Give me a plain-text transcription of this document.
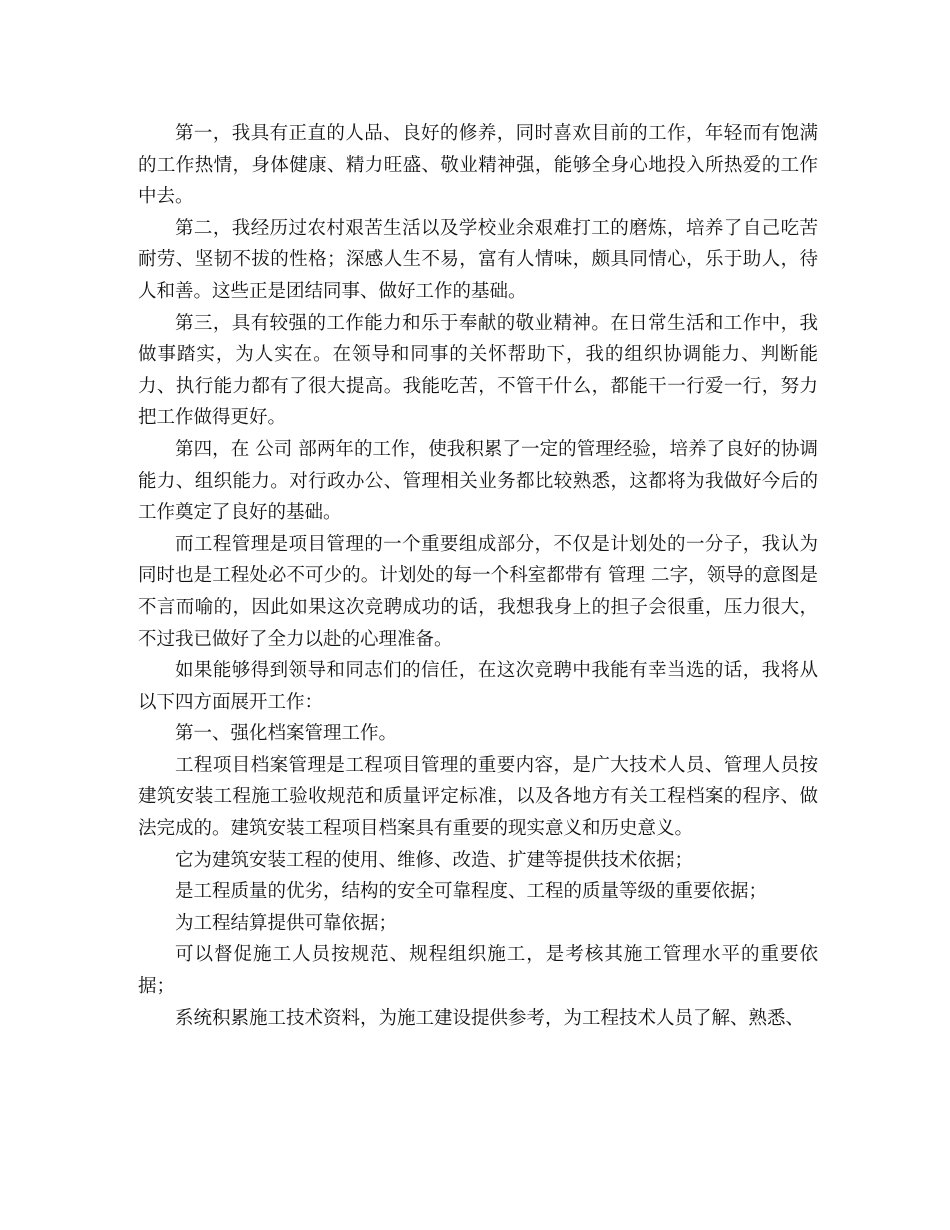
第一，我具有正直的人品、良好的修养，同时喜欢目前的工作，年轻而有饱满的工作热情，身体健康、精力旺盛、敬业精神强，能够全身心地投入所热爱的工作中去。

第二，我经历过农村艰苦生活以及学校业余艰难打工的磨炼，培养了自己吃苦耐劳、坚韧不拔的性格；深感人生不易，富有人情味，颇具同情心，乐于助人，待人和善。这些正是团结同事、做好工作的基础。

第三，具有较强的工作能力和乐于奉献的敬业精神。在日常生活和工作中，我做事踏实，为人实在。在领导和同事的关怀帮助下，我的组织协调能力、判断能力、执行能力都有了很大提高。我能吃苦，不管干什么，都能干一行爱一行，努力把工作做得更好。

第四，在 公司 部两年的工作，使我积累了一定的管理经验，培养了良好的协调能力、组织能力。对行政办公、管理相关业务都比较熟悉，这都将为我做好今后的工作奠定了良好的基础。

而工程管理是项目管理的一个重要组成部分，不仅是计划处的一分子，我认为同时也是工程处必不可少的。计划处的每一个科室都带有 管理 二字，领导的意图是不言而喻的，因此如果这次竞聘成功的话，我想我身上的担子会很重，压力很大，不过我已做好了全力以赴的心理准备。

如果能够得到领导和同志们的信任，在这次竞聘中我能有幸当选的话，我将从以下四方面展开工作：

第一、强化档案管理工作。

工程项目档案管理是工程项目管理的重要内容，是广大技术人员、管理人员按建筑安装工程施工验收规范和质量评定标准，以及各地方有关工程档案的程序、做法完成的。建筑安装工程项目档案具有重要的现实意义和历史意义。

它为建筑安装工程的使用、维修、改造、扩建等提供技术依据；

是工程质量的优劣，结构的安全可靠程度、工程的质量等级的重要依据；

为工程结算提供可靠依据；

可以督促施工人员按规范、规程组织施工，是考核其施工管理水平的重要依据；

系统积累施工技术资料，为施工建设提供参考，为工程技术人员了解、熟悉、
